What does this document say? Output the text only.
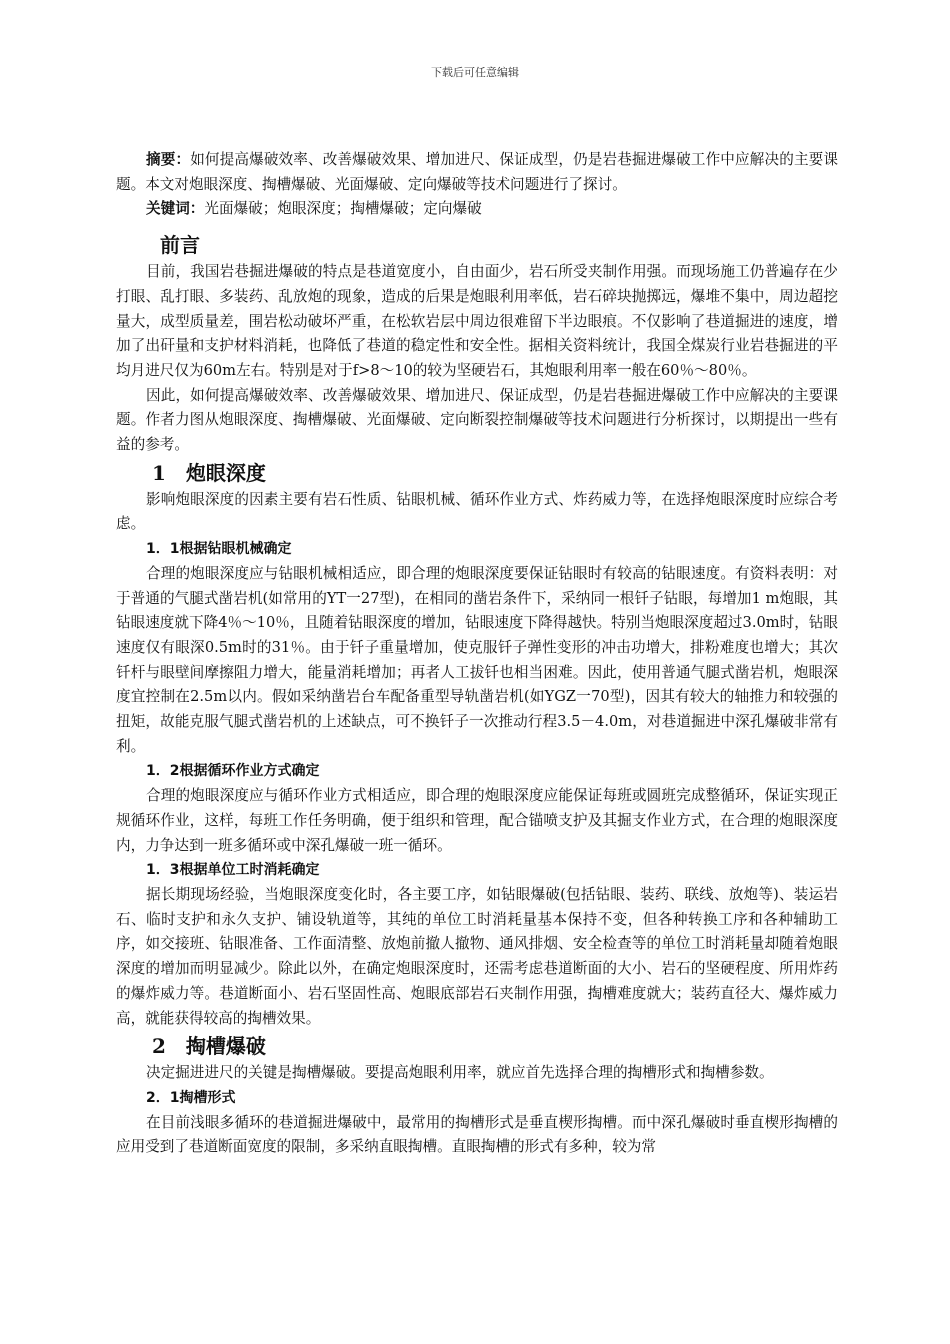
下载后可任意编辑

摘要：如何提高爆破效率、改善爆破效果、增加进尺、保证成型，仍是岩巷掘进爆破工作中应解决的主要课题。本文对炮眼深度、掏槽爆破、光面爆破、定向爆破等技术问题进行了探讨。

关键词：光面爆破；炮眼深度；掏槽爆破；定向爆破

前言

目前，我国岩巷掘进爆破的特点是巷道宽度小，自由面少，岩石所受夹制作用强。而现场施工仍普遍存在少打眼、乱打眼、多装药、乱放炮的现象，造成的后果是炮眼利用率低，岩石碎块抛掷远，爆堆不集中，周边超挖量大，成型质量差，围岩松动破坏严重，在松软岩层中周边很难留下半边眼痕。不仅影响了巷道掘进的速度，增加了出矸量和支护材料消耗，也降低了巷道的稳定性和安全性。据相关资料统计，我国全煤炭行业岩巷掘进的平均月进尺仅为60m左右。特别是对于f>8～10的较为坚硬岩石，其炮眼利用率一般在60％～80％。

因此，如何提高爆破效率、改善爆破效果、增加进尺、保证成型，仍是岩巷掘进爆破工作中应解决的主要课题。作者力图从炮眼深度、掏槽爆破、光面爆破、定向断裂控制爆破等技术问题进行分析探讨，以期提出一些有益的参考。

1　炮眼深度

影响炮眼深度的因素主要有岩石性质、钻眼机械、循环作业方式、炸药威力等，在选择炮眼深度时应综合考虑。

1．1根据钻眼机械确定

合理的炮眼深度应与钻眼机械相适应，即合理的炮眼深度要保证钻眼时有较高的钻眼速度。有资料表明：对于普通的气腿式凿岩机(如常用的YT一27型)，在相同的凿岩条件下，采纳同一根钎子钻眼，每增加1 m炮眼，其钻眼速度就下降4％～10％，且随着钻眼深度的增加，钻眼速度下降得越快。特别当炮眼深度超过3.0m时，钻眼速度仅有眼深0.5m时的31％。由于钎子重量增加，使克服钎子弹性变形的冲击功增大，排粉难度也增大；其次钎杆与眼壁间摩擦阻力增大，能量消耗增加；再者人工拔钎也相当困难。因此，使用普通气腿式凿岩机，炮眼深度宜控制在2.5m以内。假如采纳凿岩台车配备重型导轨凿岩机(如YGZ一70型)，因其有较大的轴推力和较强的扭矩，故能克服气腿式凿岩机的上述缺点，可不换钎子一次推动行程3.5－4.0m，对巷道掘进中深孔爆破非常有利。

1．2根据循环作业方式确定

合理的炮眼深度应与循环作业方式相适应，即合理的炮眼深度应能保证每班或圆班完成整循环，保证实现正规循环作业，这样，每班工作任务明确，便于组织和管理，配合锚喷支护及其掘支作业方式，在合理的炮眼深度内，力争达到一班多循环或中深孔爆破一班一循环。

1．3根据单位工时消耗确定

据长期现场经验，当炮眼深度变化时，各主要工序，如钻眼爆破(包括钻眼、装药、联线、放炮等)、装运岩石、临时支护和永久支护、铺设轨道等，其纯的单位工时消耗量基本保持不变，但各种转换工序和各种辅助工序，如交接班、钻眼准备、工作面清整、放炮前撤人撤物、通风排烟、安全检查等的单位工时消耗量却随着炮眼深度的增加而明显减少。除此以外，在确定炮眼深度时，还需考虑巷道断面的大小、岩石的坚硬程度、所用炸药的爆炸威力等。巷道断面小、岩石坚固性高、炮眼底部岩石夹制作用强，掏槽难度就大；装药直径大、爆炸威力高，就能获得较高的掏槽效果。

2　掏槽爆破

决定掘进进尺的关键是掏槽爆破。要提高炮眼利用率，就应首先选择合理的掏槽形式和掏槽参数。

2．1掏槽形式

在目前浅眼多循环的巷道掘进爆破中，最常用的掏槽形式是垂直楔形掏槽。而中深孔爆破时垂直楔形掏槽的应用受到了巷道断面宽度的限制，多采纳直眼掏槽。直眼掏槽的形式有多种，较为常
